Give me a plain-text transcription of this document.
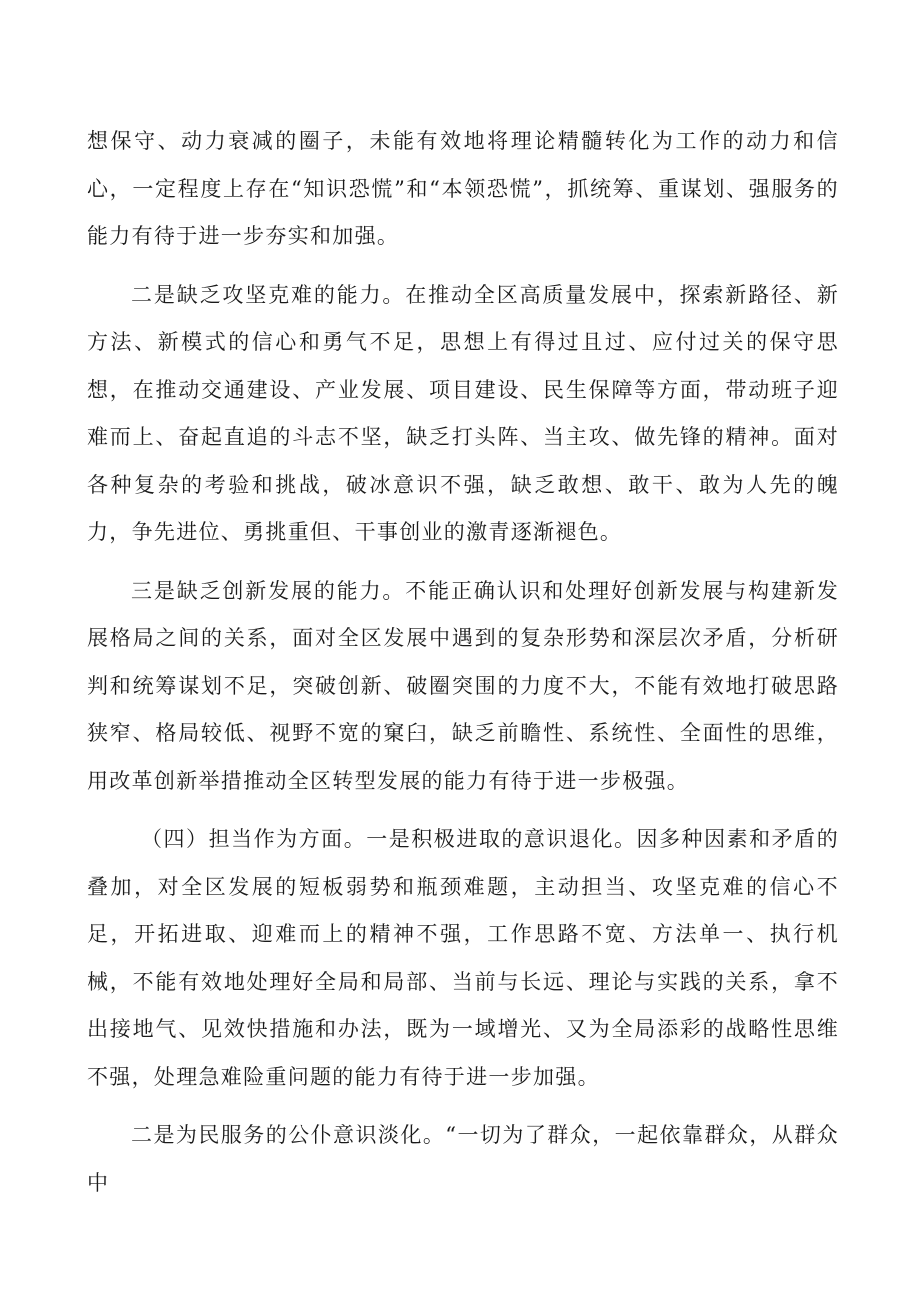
想保守、动力衰减的圈子，未能有效地将理论精髓转化为工作的动力和信心，一定程度上存在“知识恐慌”和“本领恐慌”，抓统筹、重谋划、强服务的能力有待于进一步夯实和加强。

二是缺乏攻坚克难的能力。在推动全区高质量发展中，探索新路径、新方法、新模式的信心和勇气不足，思想上有得过且过、应付过关的保守思想，在推动交通建设、产业发展、项目建设、民生保障等方面，带动班子迎难而上、奋起直追的斗志不坚，缺乏打头阵、当主攻、做先锋的精神。面对各种复杂的考验和挑战，破冰意识不强，缺乏敢想、敢干、敢为人先的魄力，争先进位、勇挑重但、干事创业的激青逐渐褪色。

三是缺乏创新发展的能力。不能正确认识和处理好创新发展与构建新发展格局之间的关系，面对全区发展中遇到的复杂形势和深层次矛盾，分析研判和统筹谋划不足，突破创新、破圈突围的力度不大，不能有效地打破思路狭窄、格局较低、视野不宽的窠臼，缺乏前瞻性、系统性、全面性的思维，用改革创新举措推动全区转型发展的能力有待于进一步极强。

（四）担当作为方面。一是积极进取的意识退化。因多种因素和矛盾的叠加，对全区发展的短板弱势和瓶颈难题，主动担当、攻坚克难的信心不足，开拓进取、迎难而上的精神不强，工作思路不宽、方法单一、执行机械，不能有效地处理好全局和局部、当前与长远、理论与实践的关系，拿不出接地气、见效快措施和办法，既为一域增光、又为全局添彩的战略性思维不强，处理急难险重问题的能力有待于进一步加强。

二是为民服务的公仆意识淡化。“一切为了群众，一起依靠群众，从群众中
